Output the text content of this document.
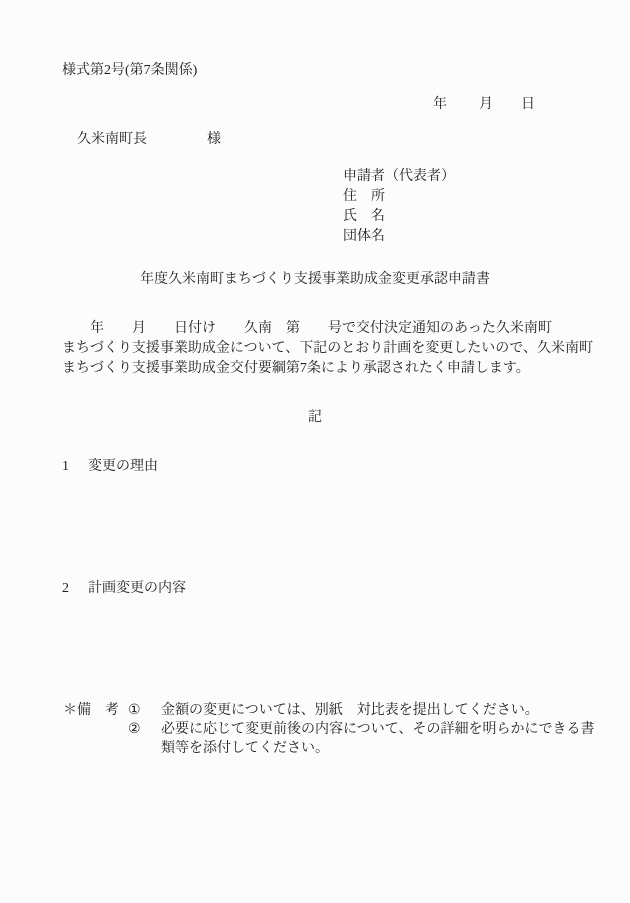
様式第2号(第7条関係)
年 月 日
久米南町長	様
申請者（代表者）
住　所
氏　名
団体名
年度久米南町まちづくり支援事業助成金変更承認申請書
　　年　　月　　日付け　　久南　第　　号で交付決定通知のあった久米南町
まちづくり支援事業助成金について、下記のとおり計画を変更したいので、久米南町
まちづくり支援事業助成金交付要綱第7条により承認されたく申請します。
記
1 変更の理由
2 計画変更の内容
＊備　考 ① 金額の変更については、別紙　対比表を提出してください。
② 必要に応じて変更前後の内容について、その詳細を明らかにできる書
類等を添付してください。
